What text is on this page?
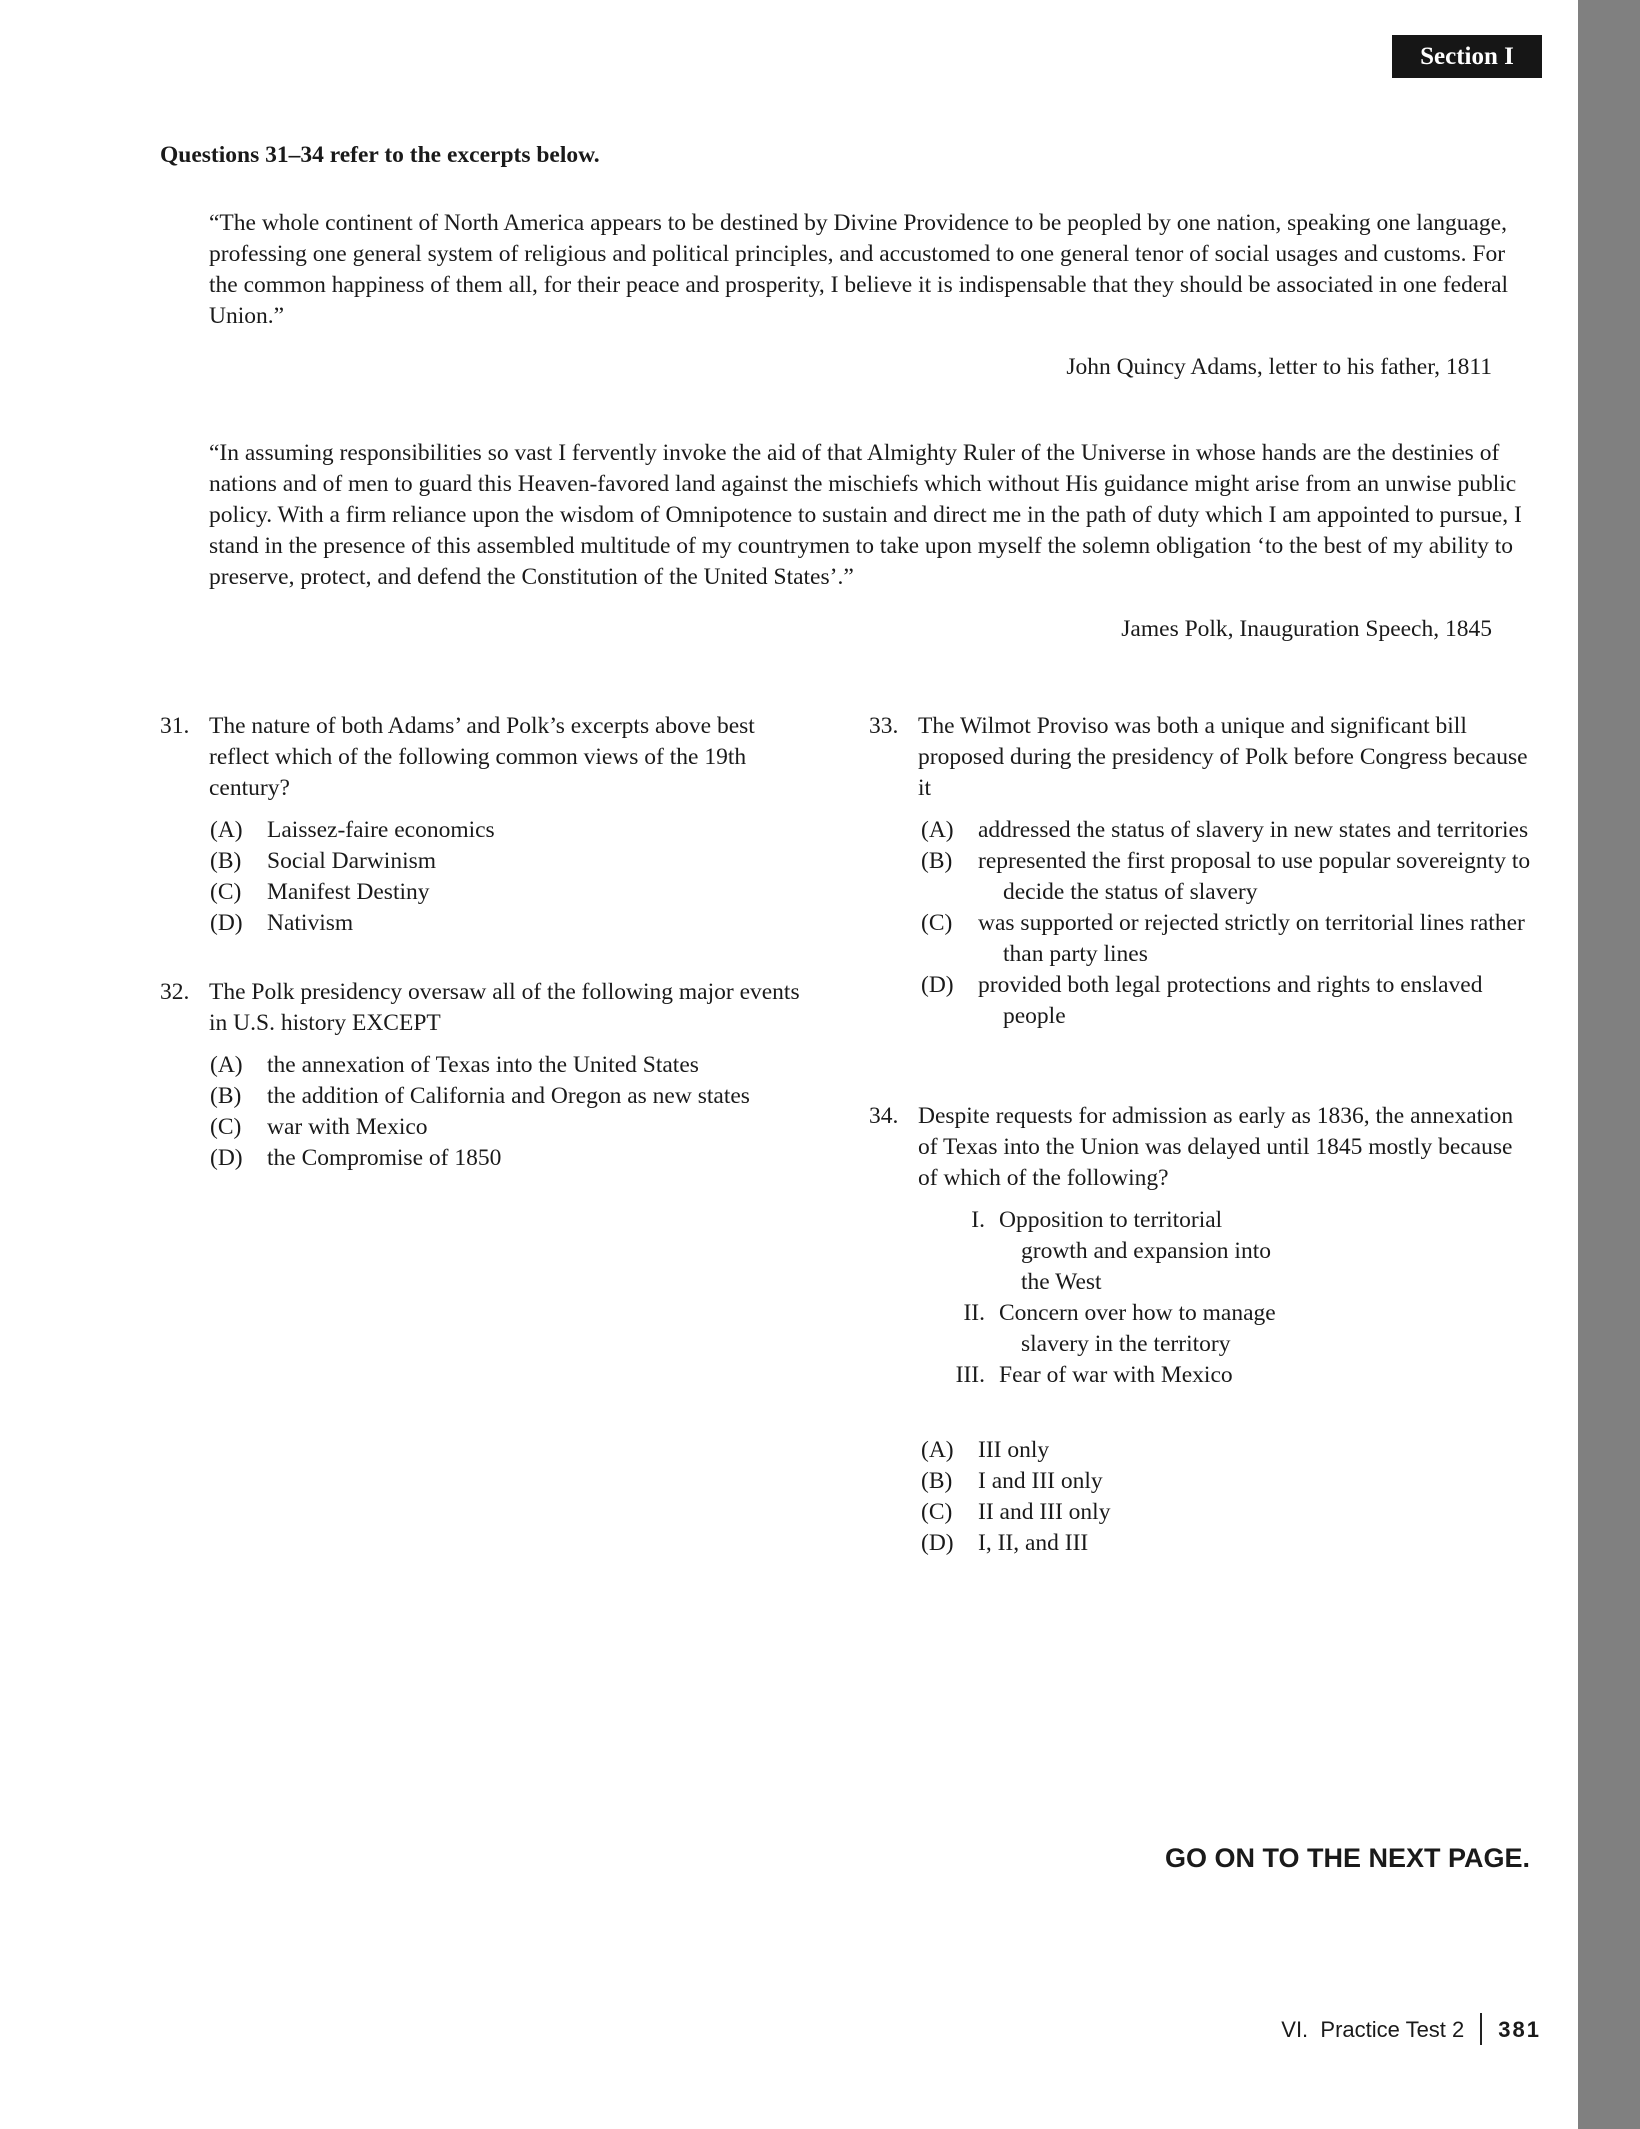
Section I
Questions 31–34 refer to the excerpts below.
“The whole continent of North America appears to be destined by Divine Providence to be peopled by one nation, speaking one language, professing one general system of religious and political principles, and accustomed to one general tenor of social usages and customs. For the common happiness of them all, for their peace and prosperity, I believe it is indispensable that they should be associated in one federal Union.”
John Quincy Adams, letter to his father, 1811
“In assuming responsibilities so vast I fervently invoke the aid of that Almighty Ruler of the Universe in whose hands are the destinies of nations and of men to guard this Heaven-favored land against the mischiefs which without His guidance might arise from an unwise public policy. With a firm reliance upon the wisdom of Omnipotence to sustain and direct me in the path of duty which I am appointed to pursue, I stand in the presence of this assembled multitude of my countrymen to take upon myself the solemn obligation ‘to the best of my ability to preserve, protect, and defend the Constitution of the United States’.”
James Polk, Inauguration Speech, 1845
31. The nature of both Adams’ and Polk’s excerpts above best reflect which of the following common views of the 19th century?
(A)	Laissez-faire economics
(B)	Social Darwinism
(C)	Manifest Destiny
(D)	Nativism
32. The Polk presidency oversaw all of the following major events in U.S. history EXCEPT
(A)	the annexation of Texas into the United States
(B)	the addition of California and Oregon as new states
(C)	war with Mexico
(D)	the Compromise of 1850
33. The Wilmot Proviso was both a unique and significant bill proposed during the presidency of Polk before Congress because it
(A)	addressed the status of slavery in new states and territories
(B)	represented the first proposal to use popular sovereignty to decide the status of slavery
(C)	was supported or rejected strictly on territorial lines rather than party lines
(D)	provided both legal protections and rights to enslaved people
34. Despite requests for admission as early as 1836, the annexation of Texas into the Union was delayed until 1845 mostly because of which of the following?
I. Opposition to territorial growth and expansion into the West
II. Concern over how to manage slavery in the territory
III. Fear of war with Mexico
(A)	III only
(B)	I and III only
(C)	II and III only
(D)	I, II, and III
GO ON TO THE NEXT PAGE.
VI.  Practice Test 2 381
